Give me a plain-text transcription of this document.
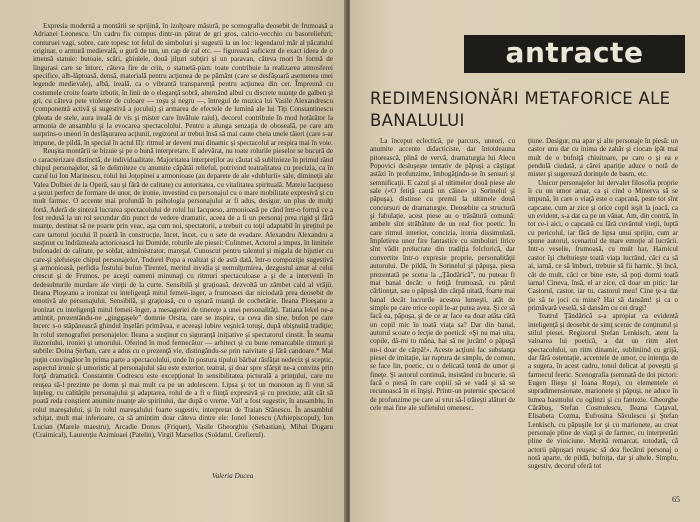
Expresia modernă a montării se sprijină, în izolţoare măsură, pe scenografia deosebit de frumoasă a Adrianei Leonescu. Un cadru fix compus dintr-un pătrat de gri gros, calcio-vecchio cu basoreliefuri; conturuei vagi, sobre, care topesc tot felul de simboluri şi sugestii la un loc: legendarul măr al păcatului originar, o armură medievală, o gură de tun, un cap de cal etc. — figurează suficient de exact ideea de o imensă statuie: butoaie, scări, ghiulele, două jilţuri subţiri şi un paravan, câteva mori în formă de lingurasi care se întorc, câteva fire de crin, o statuetă-pian: toate contribuie la realizarea atmosferei specifice, alb-lăptoasă, densă, materială pentru acţiunea de pe pământ (care se desfăşoară asemenea unei legende medievale), albă, ireală, ca o vibrantă transparenţă pentru acţiunea din cer. Împreună cu costumele croite foarte izbutit, în linii de o eleganţă sobră, alternând albul cu discrete nuanţe de galben şi gri, cu câteva pete violente de culoare — roşu şi negru —, întregul de muzica lui Vasile Alexandrescu (componentă activă şi sugestivă a jocului) şi armarea de efectele de lumină ale lui Tiţi Constantinescu (pleata de stele, aura ireală de vis şi mister care învăluie raiul), decorul contribuie în mod hotărâtor la armonia de ansamblu şi la evocarea spectacolului. Pentru a alunga senzaţia de obosealǎ, pe care am surprins-o uneori în desfăşurarea acţiunii, regizorul ar trebui însă să mai caute cheia unele tăieri (care s-ar impune, de pildă, în special în actul II): ritmul ar deveni mai dinamic şi spectacolul ar respira mai în voie.

Reuşita montării se bizuie şi pe o bună interpretare. E adevărat, nu toate rolurile pieselor se bucură de o caracterizare distinctă, de individualitate. Majoritatea interpreţilor au căutat să sublinieze în primul rând chipul personajelor, să le delimiteze cu anumite căpătâi relieful, potrivind teatralitatea cu precizia, ca în cazul lui Ion Marinescu, rolul lui Joţopinei a armonioase (au deparete de ale «dublurii» sale, dimineţii ale Valea Dolbiei de la Operă, sau şi fără de calitate) cu autoritatea, cu vitalitatea spirituală. Mateiu Iacqueso a şezut perfect de formare de unor, de ironie, investind cu personajul cu o mare mobilitate expresivă şi cu mult farmec. O accente mai profundă în psihologia personajului ar fi adus, desigur, un plus de mulţi fortă. Aderă de sinteză lucrarea spectacolului de rolul lui Iacqueso, armonioasă pe când într-o formă ce a fost redusă la un rol secundar din punct de vedere dramatic, aceea de a fi un personaj prea rigid şi fără nuanţe, destinat să ne poarte prin veac, aşa cum noi, spectatorii, a trebuit cu toţii adaptabil în şireţitul pe care tartorul jocului îl poartă în construcţie, încet, încet, cu o sete de evadare. Alexandru Alexandru a susţinut cu îndrăzneala actoricească lui Domide, rolurile ale piesei: Colinmet, Actorul a impus, în limitele bufonadei de calitate, pe soldat, administrator, mareşal. Cunoscut pentru talentul şi migala de bijutier cu care-şi şlefuieşte chipul personajelor, Tudorel Popa a realizat şi de astă dată, într-o compoziţie sugestivă şi armonioasă, perfidia fostului bufon Tirentel, meritul invidia şi nemulţumirea, dezgustul amar al celui crescut şi de Frumos, pe aceşti oameni minunaţi cu ritmuri spectaculoase a şi de a intervenii în dedesubturile murdare ale vieţii de la curte. Sensibilă şi graţioasă, dezvoltă un zâmbet cald al vrăjii. Ileana Ploşeanu a ironizat cu inteligenţă mitul femeii-inger, a frumoasei dar niciodată prea deosebit de emotivă ale personajului. Sensibilă, şi graţioasă, cu o uşoară nuanţă de cochetărie. Ileana Ploeşanu a ironizat cu inteligenţă mitul femeii-înger, a mesageriei de tinereţe a unei personalităţi. Tatiana Iekel ne-a amintit, prezentându-ne „ginggaşele” domnie Orsita, care se inspira, ca ceva din sine, bufon pe care încerc s-o stăpânească ghindul înşelări primăvaa, e aceeaşi iubire veşnică totuşi, după obişnuită tradiţie; în rolul stenografiei personajelor. Ileana a susţinut cu siguranţă iniţiative şi spectatorul cinstit. În seama iluzoriului, ironiei şi umorului. Oferind în mod fermecător — arhitect şi cu bune remarcabile ritmuri şi subtile: Doina Şerban, care a adus cu o prezenţă vie, distingându-se prin naivitate şi fără candoare.* Mai puţin convingător în prima parte a spectacolului, unde în postura tipului bărbat răsfăţat nedeciz şi sceptic, aspectul ironic şi umoristic al personajului său este exterior, teatral, şi doar spre sfârşit ne-a convins prin forţă dramatică. Constantin Codrescu este excepţional în sensibilitatea picturală a prinţului, care nu reuşea să-l prezinte pe domn şi mai mult ca pe un adolescent. Lipsa şi tot un monoton aş fi vrut să înţeleg, cu calităţile personajului şi adaptarea, rolul de a fi o fiinţă expresivă şi cu precizie, atât cât să poată reda conştient anumite nuanţe ale spiritului, dar după o vreme. Vai! a fost sugestiv, în ansamblu, în rolul mareşalului, şi în rolul mareşalului foarte sugestiv, interpretat de Traian Stănescu. În ansamblul schiţat, mult mai inferioare, ca să amintim doar câteva dintre ele: Ionel Ionescu (Arhiepiscopul), Ion Lucian (Marele maestru), Arcadie Donos (Friquet), Vasile Gheorghiu (Sebastian), Mihai Dogaru (Craimical), Laurenţiu Azimioaei (Patelin), Virgil Marsellos (Soldatul, Grefierul).

Valeria Ducea
antracte
REDIMENSIONĂRI METAFORICE ALE BANALULUI

La început eclectică, pe parcurs, uneori, cu anumite accente didacticiste, dar întotdeauna pitorească, plină de vervă, dramaturgia lui Alecu Popovici desluşeşte tentativ de păpuşi a câştigat astăzi în profunzime, îmbogăţindu-se în sensuri şi semnificaţii. E cazul şi al ultimelor două piese ale sale («O fetiţă caută un câine» şi Sorinelul şi păpuşa), distinse cu premii la ultimele două concursuri de dramaturgie. Deosebite ca structură şi fabulaţie, acest piese au o trăsătură comună: ambele sînt străbătute de un real fior poetic. În care ritmul interior, concizia, ironia dissimulată, împletirea unor fire fantastice cu simboluri lirice sînt vădit prelucrate din tradiţia folclorică, dar convertite într-o expresie proprie, personalităţii autorului. De pildă, în Sorinelul şi păpuşa, piesa prezentată pe scena la „Ţăndărică”, nu puteau fi mai banal decât: o fetiţă frumoasă, cu părul cârlionţat, sau o păpuşă din cârpă uitată, foarte mai banal decât lucrurile acestea lumeşti, atât de simple pe care orice copil le-ar putea avea. Şi ce să facă ea, păpuşa, şi de ce ar face ea doar atâta câtă un copil mic în toată viaţa sa? Dar din banal, autorul scoate o lecţie de poetică: «Şi nu mai uita, copile, dă-mi tu mâna, hai să ne jucăm! o păpuşă nu-i doar de cârpă!». Aceste acţiuni fac substanţa piesei de imitaţie, iar ruptura de simplu, de comun, se face lin, poetic, cu o delicată tentă de umor şi fineţe. Şi autorul continuă, insistând cu bucurie, să facă o piesă în care copiii să se vadă şi să se recunoască în ei înşişi. Printr-un puternic spectacol de profunzime pe care ai vrut să-l trăieşti alături de cele mai fine ale sufletului omenesc.

ţiune. Desigur, ma apar şi alte personaje în piesă: un castor unu dar cu inima de zahăr şi ciocan ipăt mai mult de o bufniţă chiuitoare, pe care o şi ea e pendulă ciudată, a cărei apariţie aduce o notă de mister şi sugerează dorinţele de basm, etc.

Unicor personajelor lui dervalet filosofia proprie îi cu un umor amar, ca şi cind o Minerva să se impună, în care o viaţă este o capcană, peste tot sînt capcane, cum ar zice şi orice copil ieşit la joacă, ca un evident, s-a dat ca pe un vânat. Am, din contră, în tot ce-i aici, o capcană cu fără cuvântul vieţii, luptă cu pericolul, iar fără de lipsa unui sprijin, cum ar spune autorul, scenariul de mare emoţie al lucrării. Intr-o veselie, frumoasă, cu mult har, Harnicul castor îşi cheltuieşte toată viaţa lucrând, căci ca să ai, iarnă, ce să îmbuci, trebuie să fii harnic. Şi încă, cât de mult, căci ce bine este, să poţi dormi toată iarna! Cineva, însă, el ar zice, că doar un pitic: Iar Castorul, castor, iar tu, castorul meu! Cine ţe-a dat ţie să te joci cu mine? Hai să dansăm! şi ca o primăvară veselă, să dansăm cu cei dragi!

Teatrul Ţăndărică s-a apropiat ca evidentă inteligenţă şi deosebit de simţ scenic de conţinutul şi stilul piesei. Regizorul Ştefan Lenkisch, atent la valoarea lui poetică, a dat un ritm alert spectacolului, un ritm dinamic, subliniind cu grijă, dar fără ostentaţie, accentele de umor, cu intenţia de a sugera, în acest cadru, tonul delicat al poveştii şi farmecul feeric. Scenografia (semnată de doi pictori: Eugen Ilieşu şi Ioana Roşu), cu elementele ei supradimensionate, marionete şi păpuşi, ne aduce în lumea basmului cu oglinzi şi cu fantezie. Gheorghe Cărăbuş, Stefan Cosmulescu, Ileana Caţaval, Elisabeta Cozma, Eufrosina Săvulescu şi Ştefan Lenkisch, cu păpuşile lor şi cu marionete, au creat personaje pline de viaţă şi de farmec, cu interpretări pline de vioiciune. Merită remarcat, totodată, că actorii păpuşari reuşesc să dea fiecărui personaj o notă aparte, de pildă, bufniţa, dar şi altele. Simplu, sugestiv, decorul oferă tot

65
